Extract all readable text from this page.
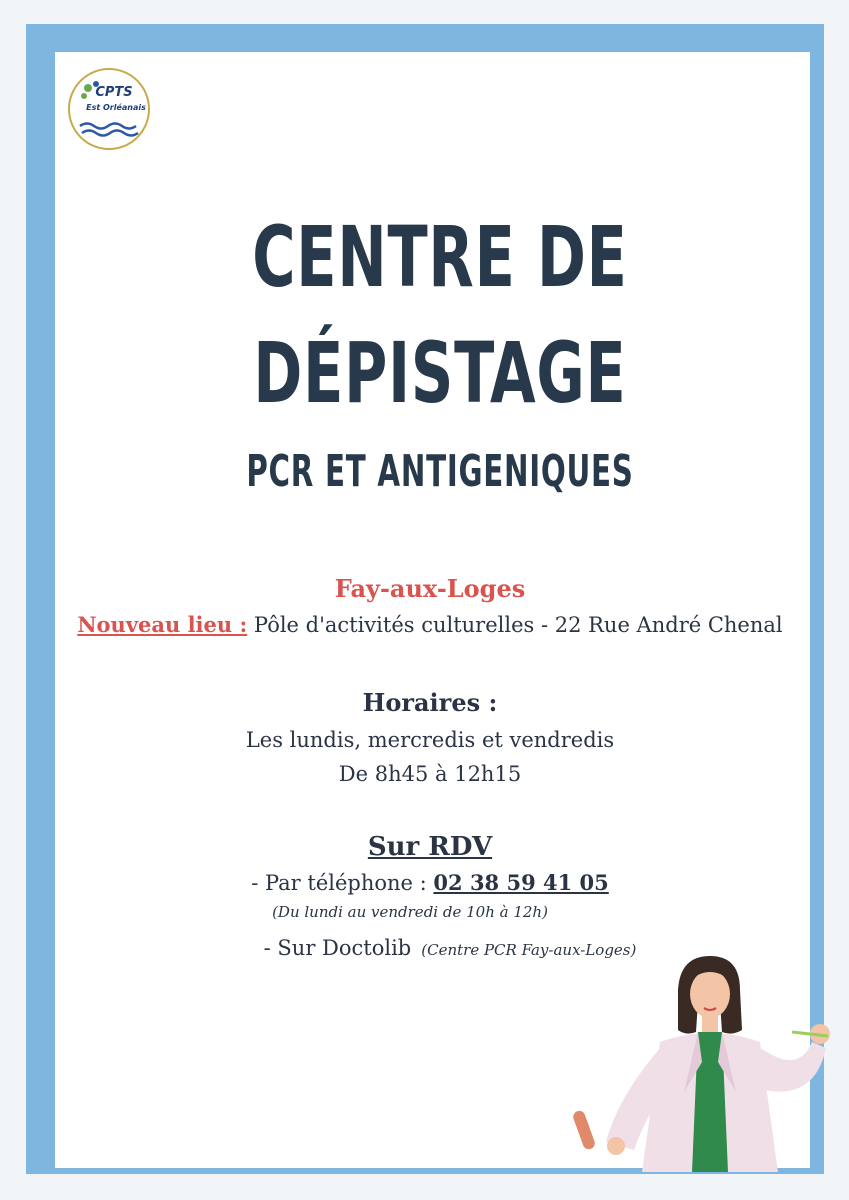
CPTS
Est Orléanais
CENTRE DE
DÉPISTAGE
PCR ET ANTIGENIQUES
Fay-aux-Loges
Nouveau lieu : Pôle d'activités culturelles - 22 Rue André Chenal
Horaires :
Les lundis, mercredis et vendredis
De 8h45 à 12h15
Sur RDV
- Par téléphone : 02 38 59 41 05
(Du lundi au vendredi de 10h à 12h)
- Sur Doctolib (Centre PCR Fay-aux-Loges)
